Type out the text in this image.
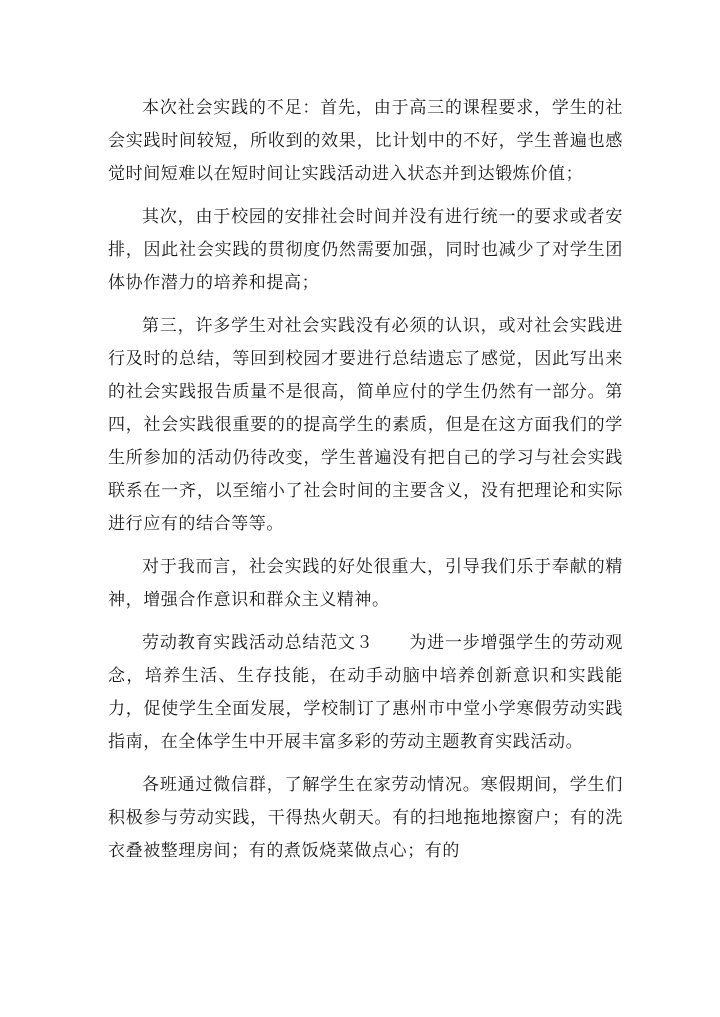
本次社会实践的不足：首先，由于高三的课程要求，学生的社会实践时间较短，所收到的效果，比计划中的不好，学生普遍也感觉时间短难以在短时间让实践活动进入状态并到达锻炼价值；

其次，由于校园的安排社会时间并没有进行统一的要求或者安排，因此社会实践的贯彻度仍然需要加强，同时也减少了对学生团体协作潜力的培养和提高；

第三，许多学生对社会实践没有必须的认识，或对社会实践进行及时的总结，等回到校园才要进行总结遗忘了感觉，因此写出来的社会实践报告质量不是很高，简单应付的学生仍然有一部分。第四，社会实践很重要的的提高学生的素质，但是在这方面我们的学生所参加的活动仍待改变，学生普遍没有把自己的学习与社会实践联系在一齐，以至缩小了社会时间的主要含义，没有把理论和实际进行应有的结合等等。

对于我而言，社会实践的好处很重大，引导我们乐于奉献的精神，增强合作意识和群众主义精神。

劳动教育实践活动总结范文３　　为进一步增强学生的劳动观念，培养生活、生存技能，在动手动脑中培养创新意识和实践能力，促使学生全面发展，学校制订了惠州市中堂小学寒假劳动实践指南，在全体学生中开展丰富多彩的劳动主题教育实践活动。

各班通过微信群，了解学生在家劳动情况。寒假期间，学生们积极参与劳动实践，干得热火朝天。有的扫地拖地擦窗户；有的洗衣叠被整理房间；有的煮饭烧菜做点心；有的
